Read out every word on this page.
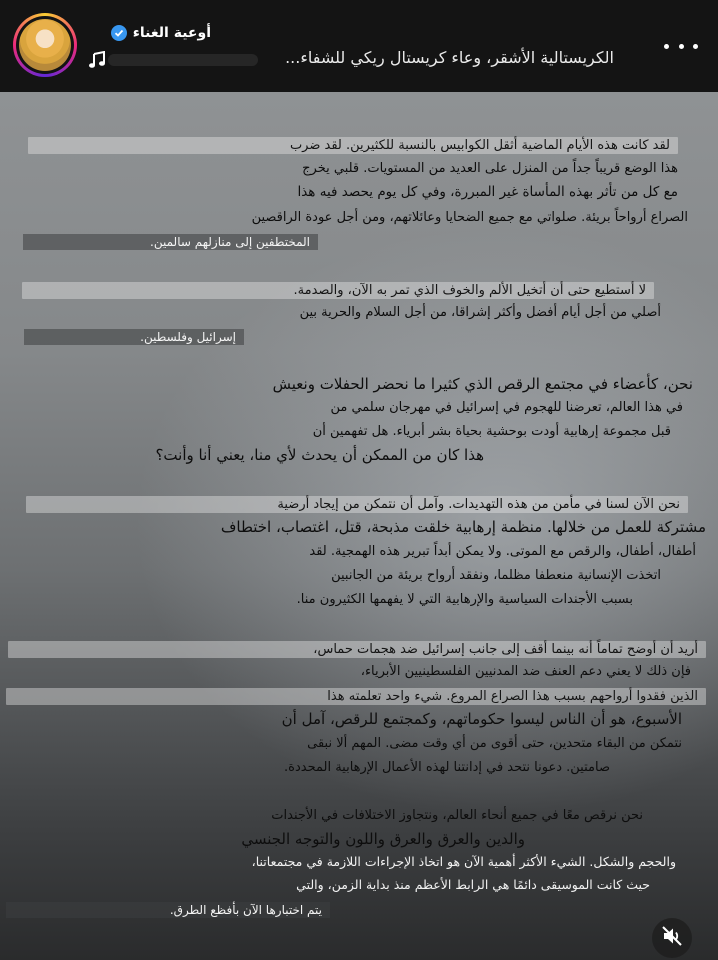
أوعية الغناء
الكريستالية الأشقر، وعاء كريستال ريكي للشفاء...
لقد كانت هذه الأيام الماضية أثقل الكوابيس بالنسبة للكثيرين. لقد ضرب
هذا الوضع قريباً جداً من المنزل على العديد من المستويات. قلبي يخرج
مع كل من تأثر بهذه المأساة غير المبررة، وفي كل يوم يحصد فيه هذا
الصراع أرواحاً بريئة. صلواتي مع جميع الضحايا وعائلاتهم، ومن أجل عودة الراقصين
المختطفين إلى منازلهم سالمين.
لا أستطيع حتى أن أتخيل الألم والخوف الذي تمر به الآن، والصدمة.
أصلي من أجل أيام أفضل وأكثر إشراقا، من أجل السلام والحرية بين
إسرائيل وفلسطين.
نحن، كأعضاء في مجتمع الرقص الذي كثيرا ما نحضر الحفلات ونعيش
في هذا العالم، تعرضنا للهجوم في إسرائيل في مهرجان سلمي من
قبل مجموعة إرهابية أودت بوحشية بحياة بشر أبرياء. هل تفهمين أن
هذا كان من الممكن أن يحدث لأي منا، يعني أنا وأنت؟
نحن الآن لسنا في مأمن من هذه التهديدات. وآمل أن نتمكن من إيجاد أرضية
مشتركة للعمل من خلالها. منظمة إرهابية خلقت مذبحة، قتل، اغتصاب، اختطاف
أطفال، أطفال، والرقص مع الموتى. ولا يمكن أبداً تبرير هذه الهمجية. لقد
اتخذت الإنسانية منعطفا مظلما، ونفقد أرواح بريئة من الجانبين
بسبب الأجندات السياسية والإرهابية التي لا يفهمها الكثيرون منا.
أريد أن أوضح تماماً أنه بينما أقف إلى جانب إسرائيل ضد هجمات حماس،
فإن ذلك لا يعني دعم العنف ضد المدنيين الفلسطينيين الأبرياء،
الذين فقدوا أرواحهم بسبب هذا الصراع المروع. شيء واحد تعلمته هذا
الأسبوع، هو أن الناس ليسوا حكوماتهم، وكمجتمع للرقص، آمل أن
نتمكن من البقاء متحدين، حتى أقوى من أي وقت مضى. المهم ألا نبقى
صامتين. دعونا نتحد في إدانتنا لهذه الأعمال الإرهابية المحددة.
نحن نرقص معًا في جميع أنحاء العالم، ونتجاوز الاختلافات في الأجندات
والدين والعرق والعرق واللون والتوجه الجنسي
والحجم والشكل. الشيء الأكثر أهمية الآن هو اتخاذ الإجراءات اللازمة في مجتمعاتنا،
حيث كانت الموسيقى دائمًا هي الرابط الأعظم منذ بداية الزمن، والتي
يتم اختبارها الآن بأفظع الطرق.
